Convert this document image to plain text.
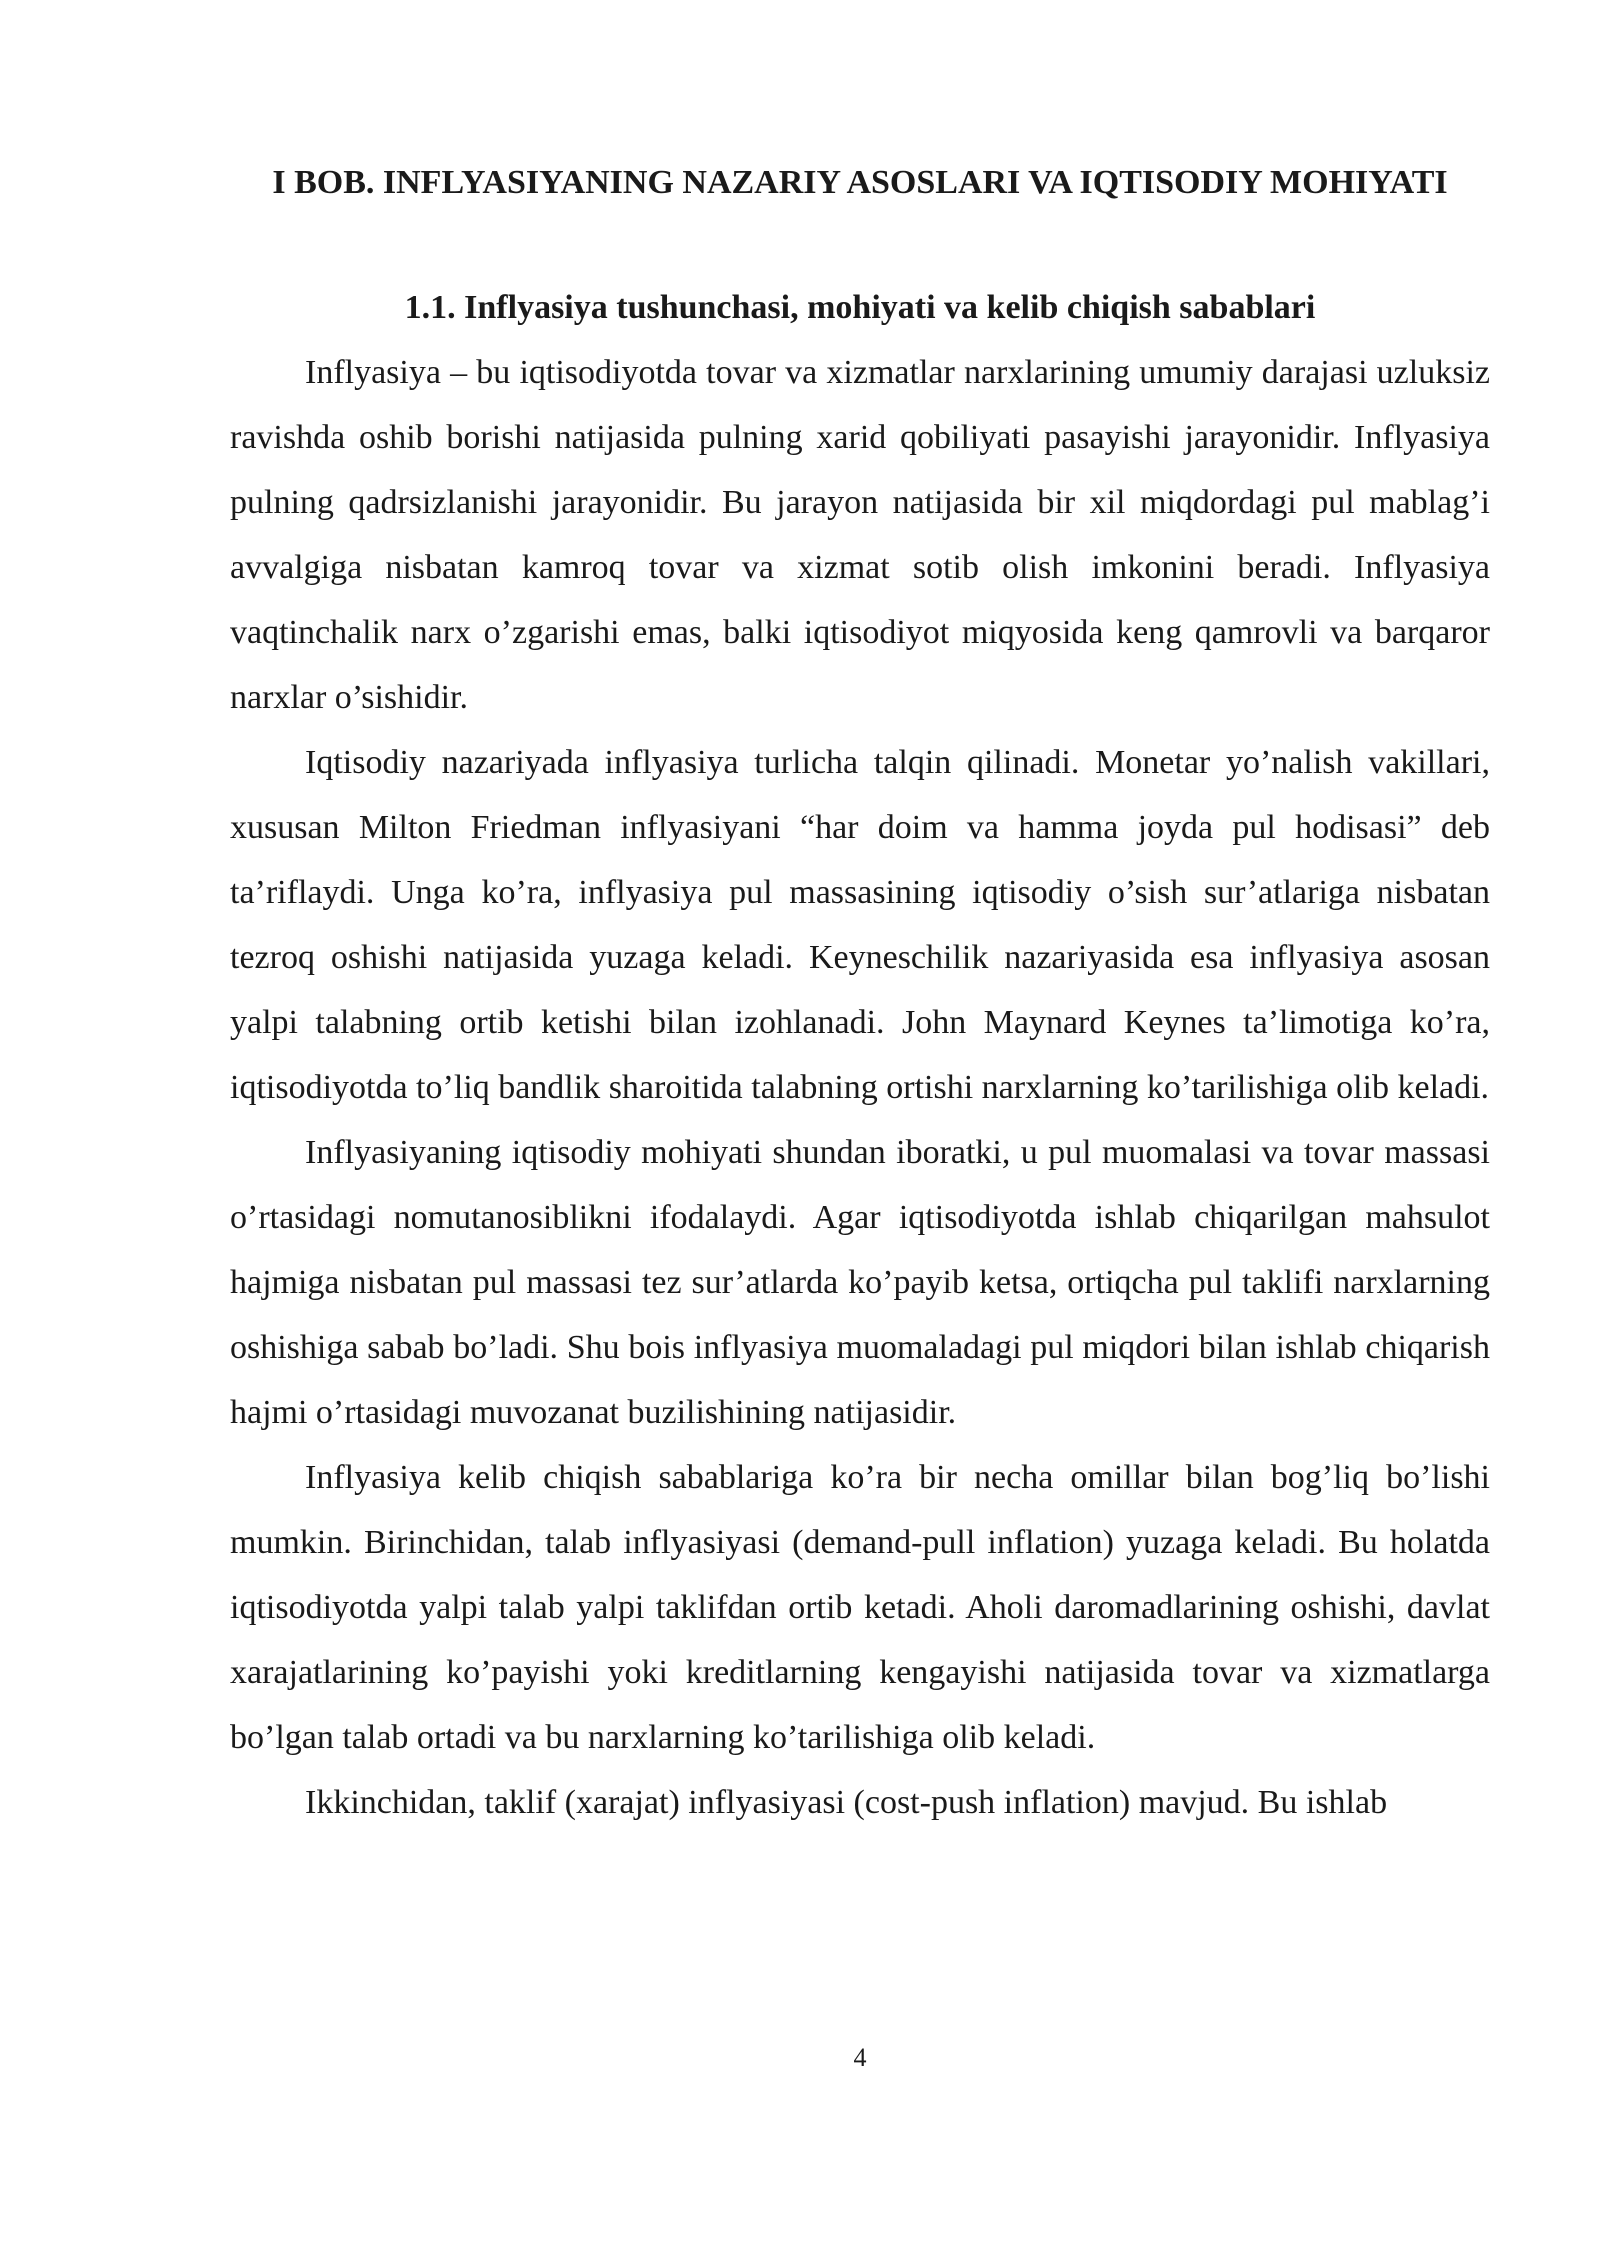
I BOB. INFLYASIYANING NAZARIY ASOSLARI VA IQTISODIY MOHIYATI
1.1. Inflyasiya tushunchasi, mohiyati va kelib chiqish sabablari

Inflyasiya – bu iqtisodiyotda tovar va xizmatlar narxlarining umumiy darajasi uzluksiz ravishda oshib borishi natijasida pulning xarid qobiliyati pasayishi jarayonidir. Inflyasiya pulning qadrsizlanishi jarayonidir. Bu jarayon natijasida bir xil miqdordagi pul mablag’i avvalgiga nisbatan kamroq tovar va xizmat sotib olish imkonini beradi. Inflyasiya vaqtinchalik narx o’zgarishi emas, balki iqtisodiyot miqyosida keng qamrovli va barqaror narxlar o’sishidir.

Iqtisodiy nazariyada inflyasiya turlicha talqin qilinadi. Monetar yo’nalish vakillari, xususan Milton Friedman inflyasiyani “har doim va hamma joyda pul hodisasi” deb ta’riflaydi. Unga ko’ra, inflyasiya pul massasining iqtisodiy o’sish sur’atlariga nisbatan tezroq oshishi natijasida yuzaga keladi. Keyneschilik nazariyasida esa inflyasiya asosan yalpi talabning ortib ketishi bilan izohlanadi. John Maynard Keynes ta’limotiga ko’ra, iqtisodiyotda to’liq bandlik sharoitida talabning ortishi narxlarning ko’tarilishiga olib keladi.

Inflyasiyaning iqtisodiy mohiyati shundan iboratki, u pul muomalasi va tovar massasi o’rtasidagi nomutanosiblikni ifodalaydi. Agar iqtisodiyotda ishlab chiqarilgan mahsulot hajmiga nisbatan pul massasi tez sur’atlarda ko’payib ketsa, ortiqcha pul taklifi narxlarning oshishiga sabab bo’ladi. Shu bois inflyasiya muomaladagi pul miqdori bilan ishlab chiqarish hajmi o’rtasidagi muvozanat buzilishining natijasidir.

Inflyasiya kelib chiqish sabablariga ko’ra bir necha omillar bilan bog’liq bo’lishi mumkin. Birinchidan, talab inflyasiyasi (demand-pull inflation) yuzaga keladi. Bu holatda iqtisodiyotda yalpi talab yalpi taklifdan ortib ketadi. Aholi daromadlarining oshishi, davlat xarajatlarining ko’payishi yoki kreditlarning kengayishi natijasida tovar va xizmatlarga bo’lgan talab ortadi va bu narxlarning ko’tarilishiga olib keladi.

Ikkinchidan, taklif (xarajat) inflyasiyasi (cost-push inflation) mavjud. Bu ishlab

4
